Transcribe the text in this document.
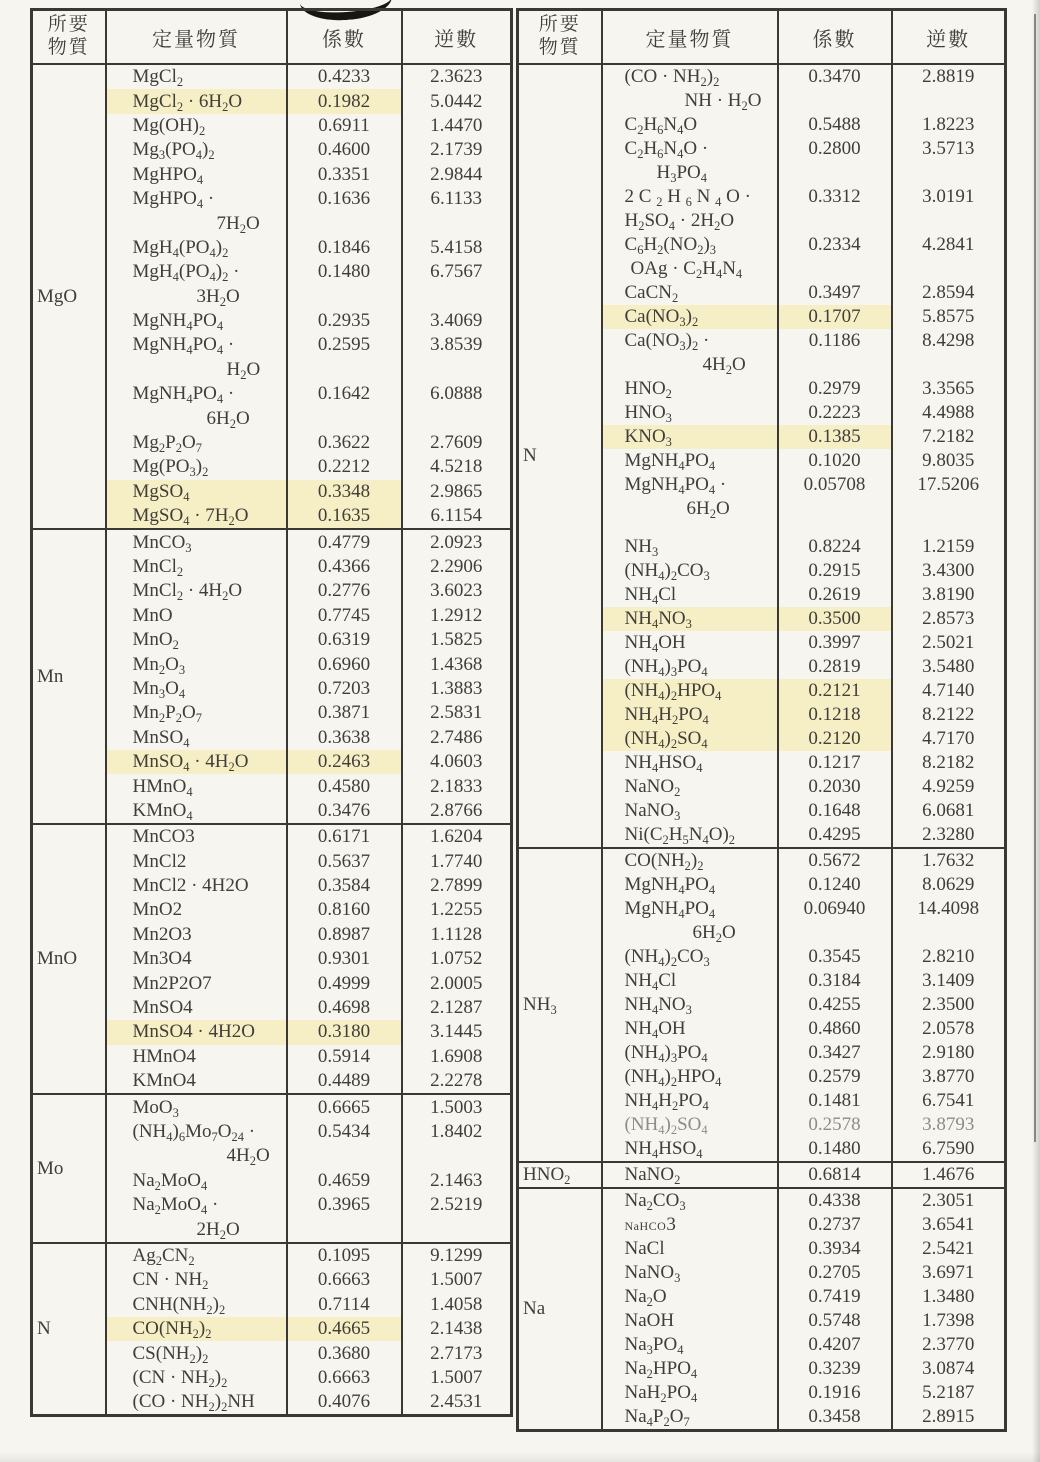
所要
物質	定量物質	係數	逆數
MgO	MgCl$_2$	0.4233	2.3623
	MgCl$_2$ · $6H_2O$	0.1982	5.0442
	$Mg(OH)_2$	0.6911	1.4470
	$Mg_3(PO_4)_2$	0.4600	2.1739
	MgHPO$_4$	0.3351	2.9844
	MgHPO$_4$ ·	0.1636	6.1133
	$7H_2O$		
	$MgH_4(PO_4)_2$	0.1846	5.4158
	$MgH_4(PO_4)_2$ ·	0.1480	6.7567
	$3H_2O$		
	$MgNH_4PO_4$	0.2935	3.4069
	$MgNH_4PO_4$ ·	0.2595	3.8539
	$H_2O$		
	$MgNH_4PO_4$ ·	0.1642	6.0888
	$6H_2O$		
	$Mg_2P_2O_7$	0.3622	2.7609
	$Mg(PO_3)_2$	0.2212	4.5218
	MgSO$_4$	0.3348	2.9865
	MgSO$_4$ · $7H_2O$	0.1635	6.1154
Mn	MnCO$_3$	0.4779	2.0923
	MnCl$_2$	0.4366	2.2906
	MnCl$_2$ · $4H_2O$	0.2776	3.6023
	MnO	0.7745	1.2912
	MnO$_2$	0.6319	1.5825
	$Mn_2O_3$	0.6960	1.4368
	$Mn_3O_4$	0.7203	1.3883
	$Mn_2P_2O_7$	0.3871	2.5831
	MnSO$_4$	0.3638	2.7486
	MnSO$_4$ · $4H_2O$	0.2463	4.0603
	HMnO$_4$	0.4580	2.1833
	KMnO$_4$	0.3476	2.8766
MnO	MnCO3	0.6171	1.6204
	MnCl2	0.5637	1.7740
	MnCl2 · 4H2O	0.3584	2.7899
	MnO2	0.8160	1.2255
	Mn2O3	0.8987	1.1128
	Mn3O4	0.9301	1.0752
	Mn2P2O7	0.4999	2.0005
	MnSO4	0.4698	2.1287
	MnSO4 · 4H2O	0.3180	3.1445
	HMnO4	0.5914	1.6908
	KMnO4	0.4489	2.2278
Mo	MoO$_3$	0.6665	1.5003
	$(NH_4)_6Mo_7O_{24}$ ·	0.5434	1.8402
	$4H_2O$		
	$Na_2MoO_4$	0.4659	2.1463
	$Na_2MoO_4$ ·	0.3965	2.5219
	$2H_2O$		
N	$Ag_2CN_2$	0.1095	9.1299
	CN · $NH_2$	0.6663	1.5007
	$CNH(NH_2)_2$	0.7114	1.4058
	$CO(NH_2)_2$	0.4665	2.1438
	$CS(NH_2)_2$	0.3680	2.7173
	$(CN \cdot NH_2)_2$	0.6663	1.5007
	$(CO \cdot NH_2)_2NH$	0.4076	2.4531
所要
物質	定量物質	係數	逆數
N	$(CO \cdot NH_2)_2$	0.3470	2.8819
	NH · $H_2O$		
	$C_2H_6N_4O$	0.5488	1.8223
	$C_2H_6N_4O$ ·	0.2800	3.5713
	$H_3PO_4$		
	2 C $_2$ H $_6$ N $_4$ O ·	0.3312	3.0191
	$H_2SO_4 \cdot 2H_2O$		
	$C_6H_2(NO_2)_3$	0.2334	4.2841
	OAg · $C_2H_4N_4$		
	CaCN$_2$	0.3497	2.8594
	$Ca(NO_3)_2$	0.1707	5.8575
	$Ca(NO_3)_2$ ·	0.1186	8.4298
	$4H_2O$		
	$HNO_2$	0.2979	3.3565
	$HNO_3$	0.2223	4.4988
	$KNO_3$	0.1385	7.2182
	$MgNH_4PO_4$	0.1020	9.8035
	$MgNH_4PO_4$ ·	0.05708	17.5206
	$6H_2O$		
	$NH_3$	0.8224	1.2159
	$(NH_4)_2CO_3$	0.2915	3.4300
	$NH_4Cl$	0.2619	3.8190
	$NH_4NO_3$	0.3500	2.8573
	$NH_4OH$	0.3997	2.5021
	$(NH_4)_3PO_4$	0.2819	3.5480
	$(NH_4)_2HPO_4$	0.2121	4.7140
	$NH_4H_2PO_4$	0.1218	8.2122
	$(NH_4)_2SO_4$	0.2120	4.7170
	$NH_4HSO_4$	0.1217	8.2182
	NaNO$_2$	0.2030	4.9259
	NaNO$_3$	0.1648	6.0681
	$Ni(C_2H_5N_4O)_2$	0.4295	2.3280
$NH_3$	$CO(NH_2)_2$	0.5672	1.7632
	$MgNH_4PO_4$	0.1240	8.0629
	$MgNH_4PO_4$	0.06940	14.4098
	$6H_2O$		
	$(NH_4)_2CO_3$	0.3545	2.8210
	$NH_4Cl$	0.3184	3.1409
	$NH_4NO_3$	0.4255	2.3500
	$NH_4OH$	0.4860	2.0578
	$(NH_4)_3PO_4$	0.3427	2.9180
	$(NH_4)_2HPO_4$	0.2579	3.8770
	$NH_4H_2PO_4$	0.1481	6.7541
	$(NH_4)_2SO_4$	0.2578	3.8793
	$NH_4HSO_4$	0.1480	6.7590
$HNO_2$	NaNO$_2$	0.6814	1.4676
Na	$Na_2CO_3$	0.4338	2.3051
	NaHCO3	0.2737	3.6541
	NaCl	0.3934	2.5421
	NaNO$_3$	0.2705	3.6971
	$Na_2O$	0.7419	1.3480
	NaOH	0.5748	1.7398
	$Na_3PO_4$	0.4207	2.3770
	$Na_2HPO_4$	0.3239	3.0874
	$NaH_2PO_4$	0.1916	5.2187
	$Na_4P_2O_7$	0.3458	2.8915
